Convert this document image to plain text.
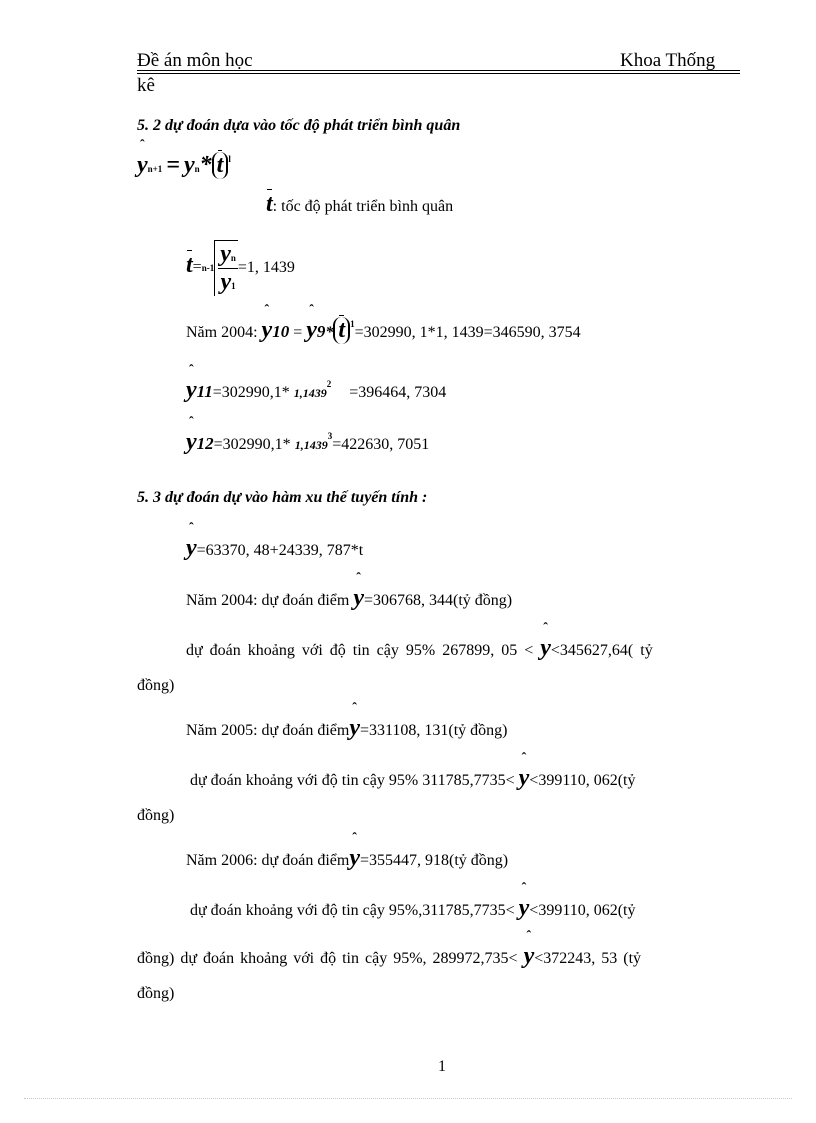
Đề án môn học	Khoa Thống
kê
5. 2 dự đoán dựa vào tốc độ phát triển bình quân
ˆ yn+1 = yn* t $^l$
t: tốc độ phát triển bình quân
$t=n-1 \frac{yn}{y1} =1$, 1439
Năm 2004: ˆ y10 = ˆ y9* t $^1$=302990, 1*1, 1439=346590, 3754
ˆ y11=302990,1* $1,1439^2 =396464$, 7304
ˆ y12=302990,1* $1,1439^3=422630$, 7051
5. 3 dự đoán dự vào hàm xu thế tuyến tính :
ˆ y=63370, 48+24339, 787*t
Năm 2004: dự đoán điểm ˆ y=306768, 344(tỷ đồng)
dự đoán khoảng với độ tin cậy 95% 267899, 05 < ˆ y<345627,64( tỷ
đồng)
Năm 2005: dự đoán điểmˆ y=331108, 131(tỷ đồng)
dự đoán khoảng với độ tin cậy 95% 311785,7735< ˆ y<399110, 062(tỷ
đồng)
Năm 2006: dự đoán điểmˆ y=355447, 918(tỷ đồng)
dự đoán khoảng với độ tin cậy 95%,311785,7735< ˆ y<399110, 062(tỷ
đồng) dự đoán khoảng với độ tin cậy 95%, 289972,735< ˆ y<372243, 53 (tỷ
đồng)
1
